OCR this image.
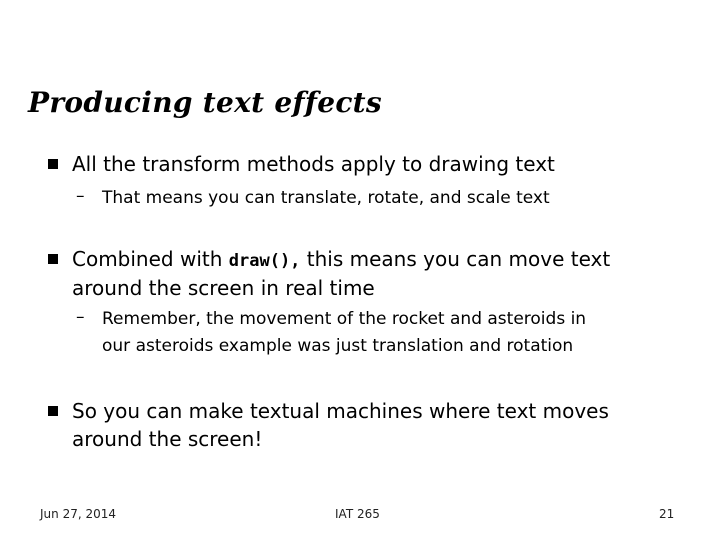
Producing text effects
All the transform methods apply to drawing text
– That means you can translate, rotate, and scale text
Combined with draw(), this means you can move text
around the screen in real time
– Remember, the movement of the rocket and asteroids in
our asteroids example was just translation and rotation
So you can make textual machines where text moves
around the screen!
Jun 27, 2014	IAT 265	21
